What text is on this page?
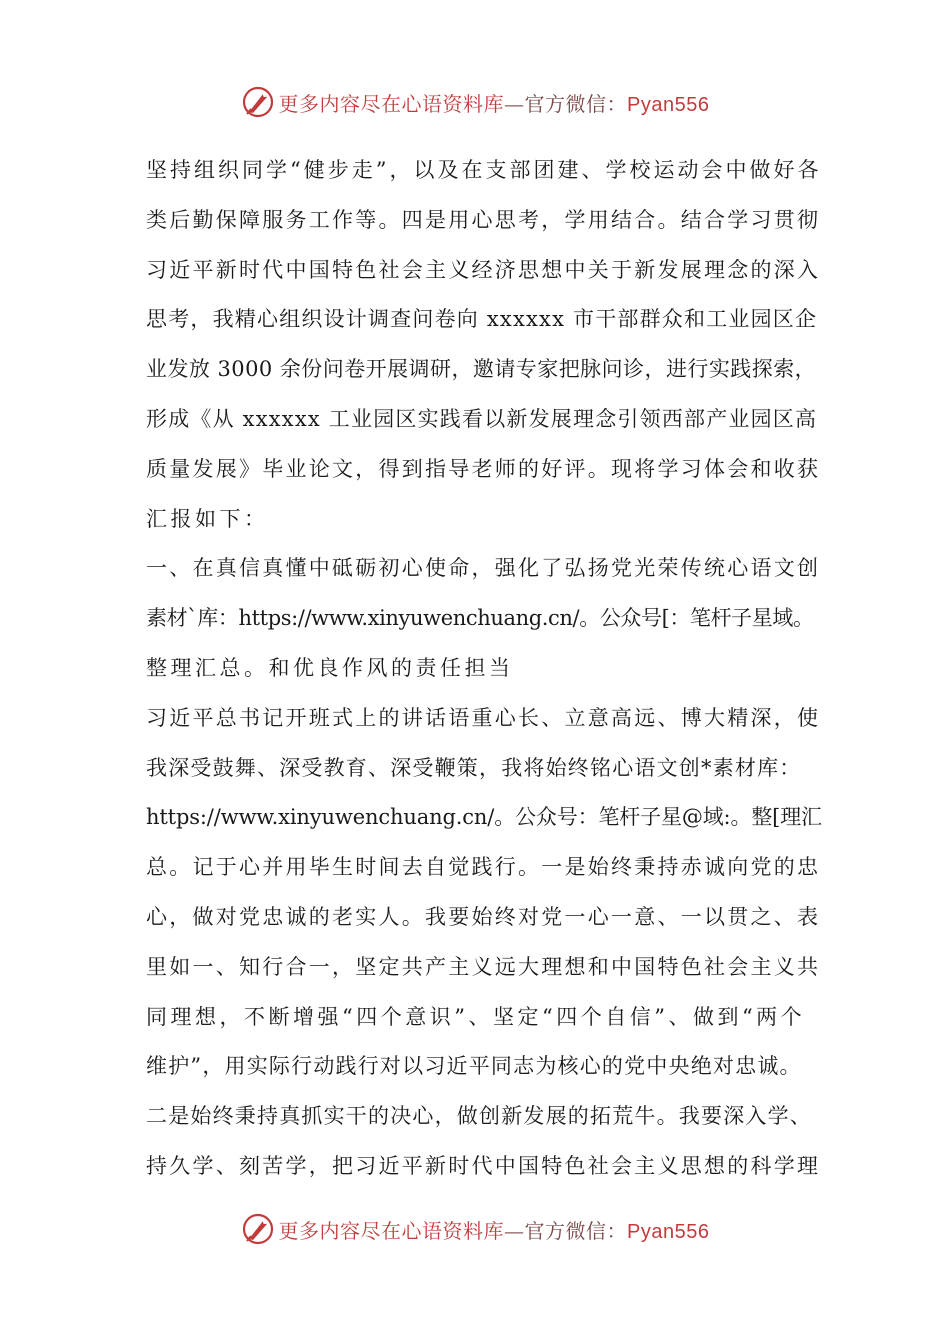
更多内容尽在心语资料库—官方微信：Pyan556
坚持组织同学“健步走”，以及在支部团建、学校运动会中做好各
类后勤保障服务工作等。四是用心思考，学用结合。结合学习贯彻
习近平新时代中国特色社会主义经济思想中关于新发展理念的深入
思考，我精心组织设计调查问卷向 xxxxxx 市干部群众和工业园区企
业发放 3000 余份问卷开展调研，邀请专家把脉问诊，进行实践探索，
形成《从 xxxxxx 工业园区实践看以新发展理念引领西部产业园区高
质量发展》毕业论文，得到指导老师的好评。现将学习体会和收获
汇报如下：
一、在真信真懂中砥砺初心使命，强化了弘扬党光荣传统心语文创
素材`库：https://www.xinyuwenchuang.cn/。公众号[：笔杆子星域。
整理汇总。和优良作风的责任担当
习近平总书记开班式上的讲话语重心长、立意高远、博大精深，使
我深受鼓舞、深受教育、深受鞭策，我将始终铭心语文创*素材库：
https://www.xinyuwenchuang.cn/。公众号：笔杆子星@域:。整[理汇
总。记于心并用毕生时间去自觉践行。一是始终秉持赤诚向党的忠
心，做对党忠诚的老实人。我要始终对党一心一意、一以贯之、表
里如一、知行合一，坚定共产主义远大理想和中国特色社会主义共
同理想，不断增强“四个意识”、坚定“四个自信”、做到“两个
维护”，用实际行动践行对以习近平同志为核心的党中央绝对忠诚。
二是始终秉持真抓实干的决心，做创新发展的拓荒牛。我要深入学、
持久学、刻苦学，把习近平新时代中国特色社会主义思想的科学理
更多内容尽在心语资料库—官方微信：Pyan556
